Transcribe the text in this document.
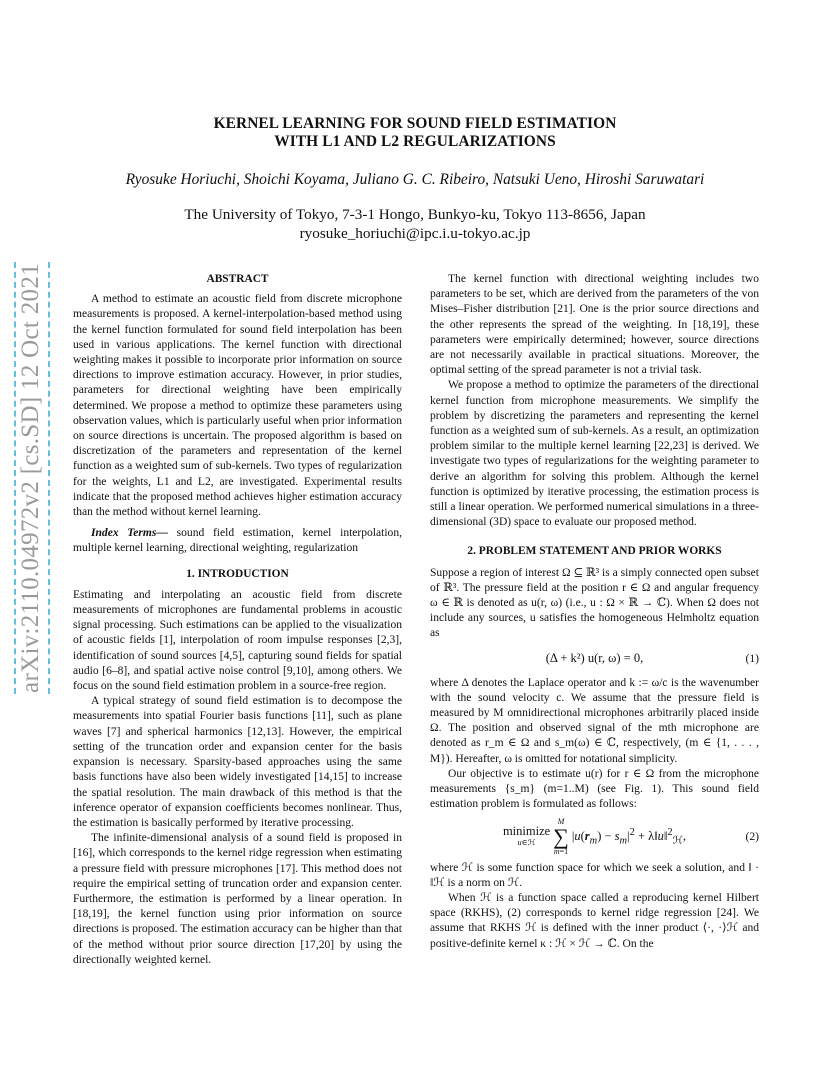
arXiv:2110.04972v2 [cs.SD] 12 Oct 2021
KERNEL LEARNING FOR SOUND FIELD ESTIMATION
WITH L1 AND L2 REGULARIZATIONS
Ryosuke Horiuchi, Shoichi Koyama, Juliano G. C. Ribeiro, Natsuki Ueno, Hiroshi Saruwatari
The University of Tokyo, 7-3-1 Hongo, Bunkyo-ku, Tokyo 113-8656, Japan
ryosuke_horiuchi@ipc.i.u-tokyo.ac.jp
ABSTRACT

A method to estimate an acoustic field from discrete microphone measurements is proposed. A kernel-interpolation-based method using the kernel function formulated for sound field interpolation has been used in various applications. The kernel function with directional weighting makes it possible to incorporate prior information on source directions to improve estimation accuracy. However, in prior studies, parameters for directional weighting have been empirically determined. We propose a method to optimize these parameters using observation values, which is particularly useful when prior information on source directions is uncertain. The proposed algorithm is based on discretization of the parameters and representation of the kernel function as a weighted sum of sub-kernels. Two types of regularization for the weights, L1 and L2, are investigated. Experimental results indicate that the proposed method achieves higher estimation accuracy than the method without kernel learning.

Index Terms— sound field estimation, kernel interpolation, multiple kernel learning, directional weighting, regularization

1. INTRODUCTION

Estimating and interpolating an acoustic field from discrete measurements of microphones are fundamental problems in acoustic signal processing. Such estimations can be applied to the visualization of acoustic fields [1], interpolation of room impulse responses [2,3], identification of sound sources [4,5], capturing sound fields for spatial audio [6–8], and spatial active noise control [9,10], among others. We focus on the sound field estimation problem in a source-free region.

A typical strategy of sound field estimation is to decompose the measurements into spatial Fourier basis functions [11], such as plane waves [7] and spherical harmonics [12,13]. However, the empirical setting of the truncation order and expansion center for the basis expansion is necessary. Sparsity-based approaches using the same basis functions have also been widely investigated [14,15] to increase the spatial resolution. The main drawback of this method is that the inference operator of expansion coefficients becomes nonlinear. Thus, the estimation is basically performed by iterative processing.

The infinite-dimensional analysis of a sound field is proposed in [16], which corresponds to the kernel ridge regression when estimating a pressure field with pressure microphones [17]. This method does not require the empirical setting of truncation order and expansion center. Furthermore, the estimation is performed by a linear operation. In [18,19], the kernel function using prior information on source directions is proposed. The estimation accuracy can be higher than that of the method without prior source direction [17,20] by using the directionally weighted kernel.

The kernel function with directional weighting includes two parameters to be set, which are derived from the parameters of the von Mises–Fisher distribution [21]. One is the prior source directions and the other represents the spread of the weighting. In [18,19], these parameters were empirically determined; however, source directions are not necessarily available in practical situations. Moreover, the optimal setting of the spread parameter is not a trivial task.

We propose a method to optimize the parameters of the directional kernel function from microphone measurements. We simplify the problem by discretizing the parameters and representing the kernel function as a weighted sum of sub-kernels. As a result, an optimization problem similar to the multiple kernel learning [22,23] is derived. We investigate two types of regularizations for the weighting parameter to derive an algorithm for solving this problem. Although the kernel function is optimized by iterative processing, the estimation process is still a linear operation. We performed numerical simulations in a three-dimensional (3D) space to evaluate our proposed method.

2. PROBLEM STATEMENT AND PRIOR WORKS

Suppose a region of interest Ω ⊆ ℝ³ is a simply connected open subset of ℝ³. The pressure field at the position r ∈ Ω and angular frequency ω ∈ ℝ is denoted as u(r, ω) (i.e., u : Ω × ℝ → ℂ). When Ω does not include any sources, u satisfies the homogeneous Helmholtz equation as

(Δ + k²) u(r, ω) = 0,	(1)

where Δ denotes the Laplace operator and k := ω/c is the wavenumber with the sound velocity c. We assume that the pressure field is measured by M omnidirectional microphones arbitrarily placed inside Ω. The position and observed signal of the mth microphone are denoted as r_m ∈ Ω and s_m(ω) ∈ ℂ, respectively, (m ∈ {1, . . . , M}). Hereafter, ω is omitted for notational simplicity.

Our objective is to estimate u(r) for r ∈ Ω from the microphone measurements {s_m} (m=1..M) (see Fig. 1). This sound field estimation problem is formulated as follows:

minimize
u∈ℋ
M
∑
m=1
$|u(r_m) - s_m|^2$ + λ‖u‖$^2_ℋ$,	(2)

where ℋ is some function space for which we seek a solution, and ‖ · ‖ℋ is a norm on ℋ.

When ℋ is a function space called a reproducing kernel Hilbert space (RKHS), (2) corresponds to kernel ridge regression [24]. We assume that RKHS ℋ is defined with the inner product ⟨·, ·⟩ℋ and positive-definite kernel κ : ℋ × ℋ → ℂ. On the
